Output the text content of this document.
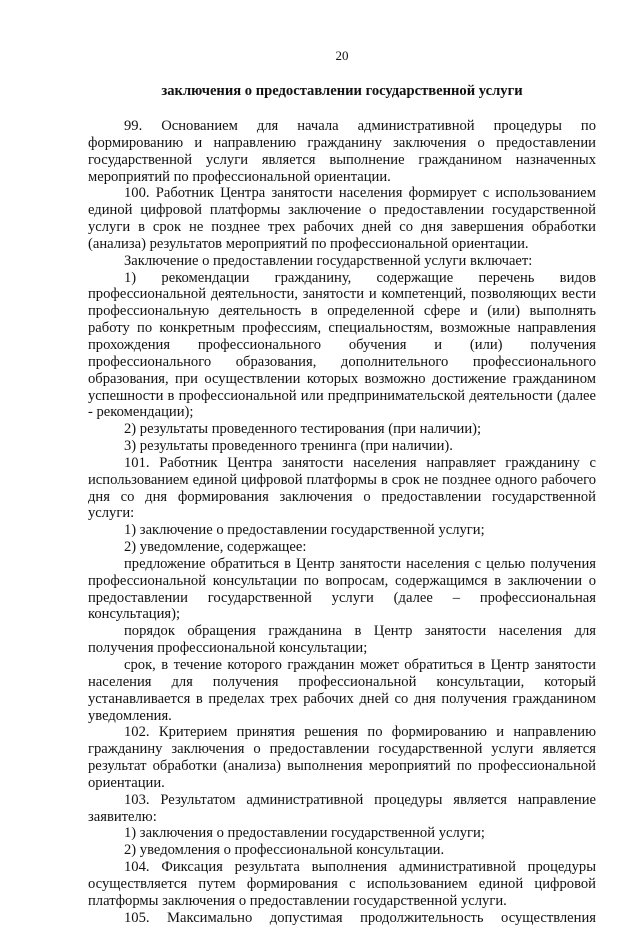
20
заключения о предоставлении государственной услуги

99. Основанием для начала административной процедуры по формированию и направлению гражданину заключения о предоставлении государственной услуги является выполнение гражданином назначенных мероприятий по профессиональной ориентации.

100. Работник Центра занятости населения формирует с использованием единой цифровой платформы заключение о предоставлении государственной услуги в срок не позднее трех рабочих дней со дня завершения обработки (анализа) результатов мероприятий по профессиональной ориентации.

Заключение о предоставлении государственной услуги включает:

1) рекомендации гражданину, содержащие перечень видов профессиональной деятельности, занятости и компетенций, позволяющих вести профессиональную деятельность в определенной сфере и (или) выполнять работу по конкретным профессиям, специальностям, возможные направления прохождения профессионального обучения и (или) получения профессионального образования, дополнительного профессионального образования, при осуществлении которых возможно достижение гражданином успешности в профессиональной или предпринимательской деятельности (далее - рекомендации);

2) результаты проведенного тестирования (при наличии);

3) результаты проведенного тренинга (при наличии).

101. Работник Центра занятости населения направляет гражданину с использованием единой цифровой платформы в срок не позднее одного рабочего дня со дня формирования заключения о предоставлении государственной услуги:

1) заключение о предоставлении государственной услуги;

2) уведомление, содержащее:

предложение обратиться в Центр занятости населения с целью получения профессиональной консультации по вопросам, содержащимся в заключении о предоставлении государственной услуги (далее – профессиональная консультация);

порядок обращения гражданина в Центр занятости населения для получения профессиональной консультации;

срок, в течение которого гражданин может обратиться в Центр занятости населения для получения профессиональной консультации, который устанавливается в пределах трех рабочих дней со дня получения гражданином уведомления.

102. Критерием принятия решения по формированию и направлению гражданину заключения о предоставлении государственной услуги является результат обработки (анализа) выполнения мероприятий по профессиональной ориентации.

103. Результатом административной процедуры является направление заявителю:

1) заключения о предоставлении государственной услуги;

2) уведомления о профессиональной консультации.

104. Фиксация результата выполнения административной процедуры осуществляется путем формирования с использованием единой цифровой платформы заключения о предоставлении государственной услуги.

105. Максимально допустимая продолжительность осуществления
